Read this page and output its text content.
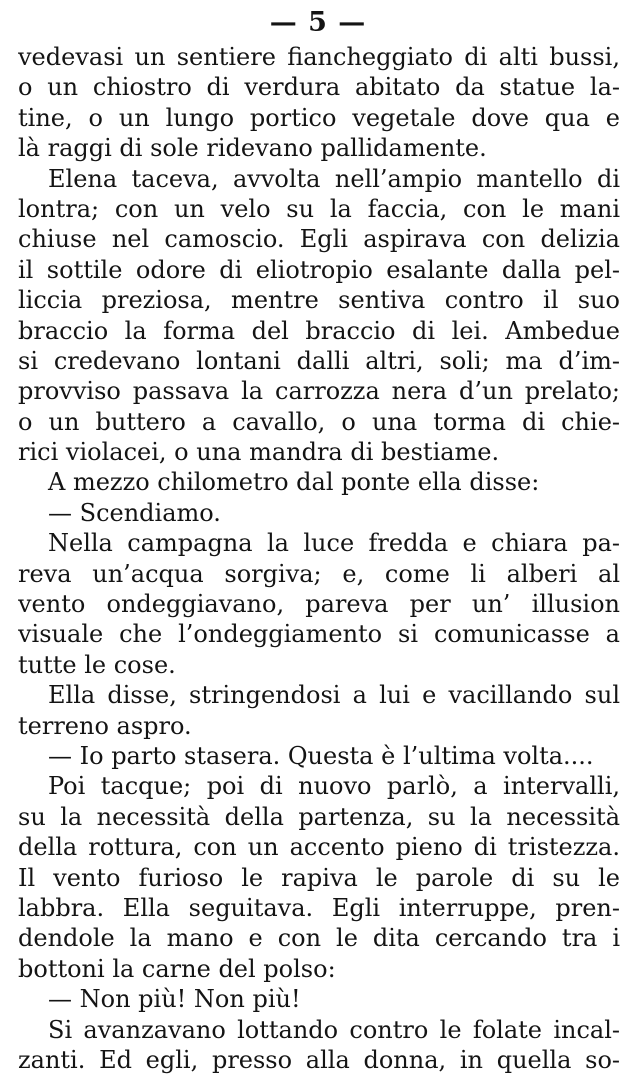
— 5 —
vedevasi un sentiere fiancheggiato di alti bussi,
o un chiostro di verdura abitato da statue la-
tine, o un lungo portico vegetale dove qua e
là raggi di sole ridevano pallidamente.
Elena taceva, avvolta nell’ampio mantello di
lontra; con un velo su la faccia, con le mani
chiuse nel camoscio. Egli aspirava con delizia
il sottile odore di eliotropio esalante dalla pel-
liccia preziosa, mentre sentiva contro il suo
braccio la forma del braccio di lei. Ambedue
si credevano lontani dalli altri, soli; ma d’im-
provviso passava la carrozza nera d’un prelato;
o un buttero a cavallo, o una torma di chie-
rici violacei, o una mandra di bestiame.
A mezzo chilometro dal ponte ella disse:
— Scendiamo.
Nella campagna la luce fredda e chiara pa-
reva un’acqua sorgiva; e, come li alberi al
vento ondeggiavano, pareva per un’ illusion
visuale che l’ondeggiamento si comunicasse a
tutte le cose.
Ella disse, stringendosi a lui e vacillando sul
terreno aspro.
— Io parto stasera. Questa è l’ultima volta....
Poi tacque; poi di nuovo parlò, a intervalli,
su la necessità della partenza, su la necessità
della rottura, con un accento pieno di tristezza.
Il vento furioso le rapiva le parole di su le
labbra. Ella seguitava. Egli interruppe, pren-
dendole la mano e con le dita cercando tra i
bottoni la carne del polso:
— Non più! Non più!
Si avanzavano lottando contro le folate incal-
zanti. Ed egli, presso alla donna, in quella so-
